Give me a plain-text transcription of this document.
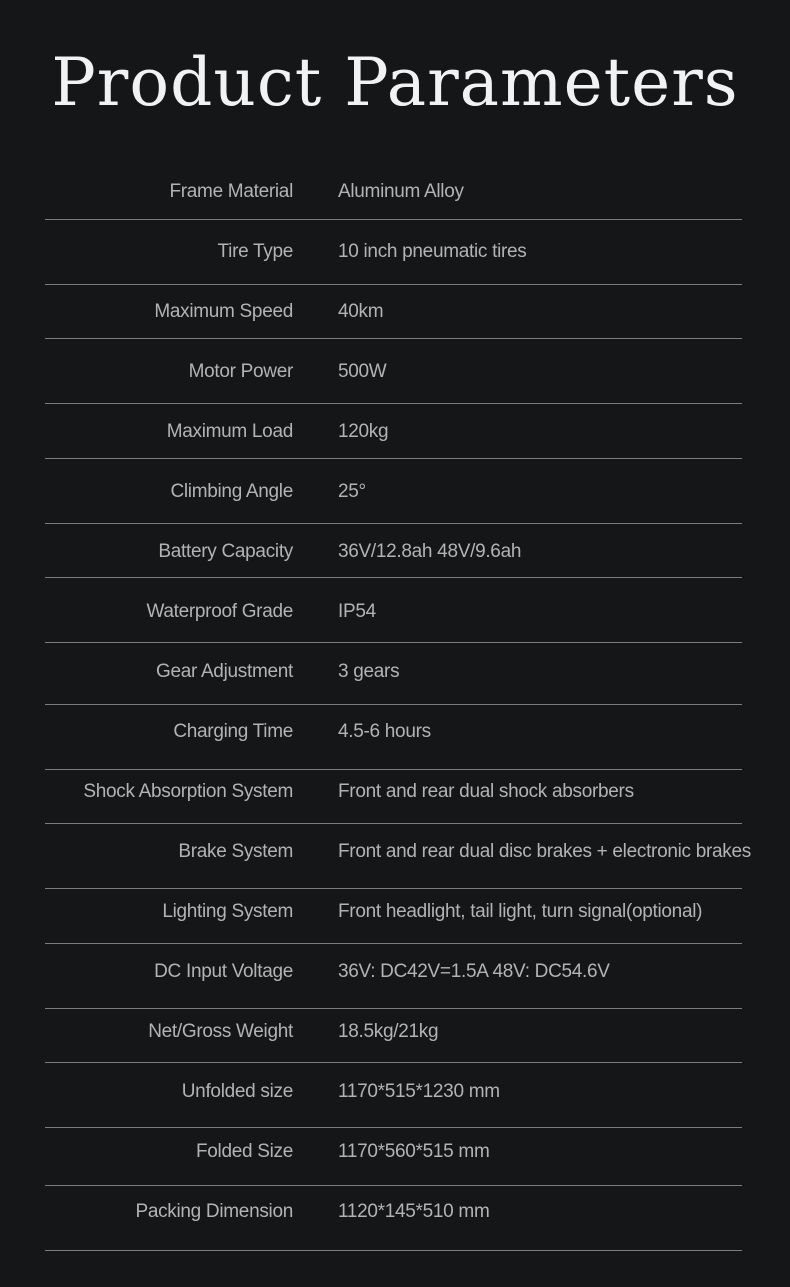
Product Parameters
Frame Material Aluminum Alloy
Tire Type 10 inch pneumatic tires
Maximum Speed 40km
Motor Power 500W
Maximum Load 120kg
Climbing Angle 25°
Battery Capacity 36V/12.8ah 48V/9.6ah
Waterproof Grade IP54
Gear Adjustment 3 gears
Charging Time 4.5-6 hours
Shock Absorption System Front and rear dual shock absorbers
Brake System Front and rear dual disc brakes + electronic brakes
Lighting System Front headlight, tail light, turn signal(optional)
DC Input Voltage 36V: DC42V=1.5A 48V: DC54.6V
Net/Gross Weight 18.5kg/21kg
Unfolded size 1170*515*1230 mm
Folded Size 1170*560*515 mm
Packing Dimension 1120*145*510 mm
